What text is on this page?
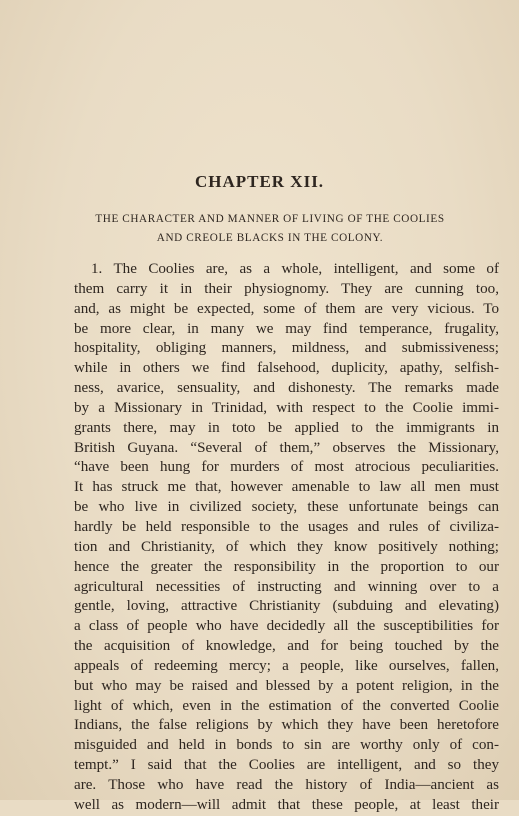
CHAPTER XII.
THE CHARACTER AND MANNER OF LIVING OF THE COOLIES
AND CREOLE BLACKS IN THE COLONY.
1. The Coolies are, as a whole, intelligent, and some of
them carry it in their physiognomy. They are cunning too,
and, as might be expected, some of them are very vicious. To
be more clear, in many we may find temperance, frugality,
hospitality, obliging manners, mildness, and submissiveness;
while in others we find falsehood, duplicity, apathy, selfish-
ness, avarice, sensuality, and dishonesty. The remarks made
by a Missionary in Trinidad, with respect to the Coolie immi-
grants there, may in toto be applied to the immigrants in
British Guyana. “Several of them,” observes the Missionary,
“have been hung for murders of most atrocious peculiarities.
It has struck me that, however amenable to law all men must
be who live in civilized society, these unfortunate beings can
hardly be held responsible to the usages and rules of civiliza-
tion and Christianity, of which they know positively nothing;
hence the greater the responsibility in the proportion to our
agricultural necessities of instructing and winning over to a
gentle, loving, attractive Christianity (subduing and elevating)
a class of people who have decidedly all the susceptibilities for
the acquisition of knowledge, and for being touched by the
appeals of redeeming mercy; a people, like ourselves, fallen,
but who may be raised and blessed by a potent religion, in the
light of which, even in the estimation of the converted Coolie
Indians, the false religions by which they have been heretofore
misguided and held in bonds to sin are worthy only of con-
tempt.” I said that the Coolies are intelligent, and so they
are. Those who have read the history of India—ancient as
well as modern—will admit that these people, at least their
